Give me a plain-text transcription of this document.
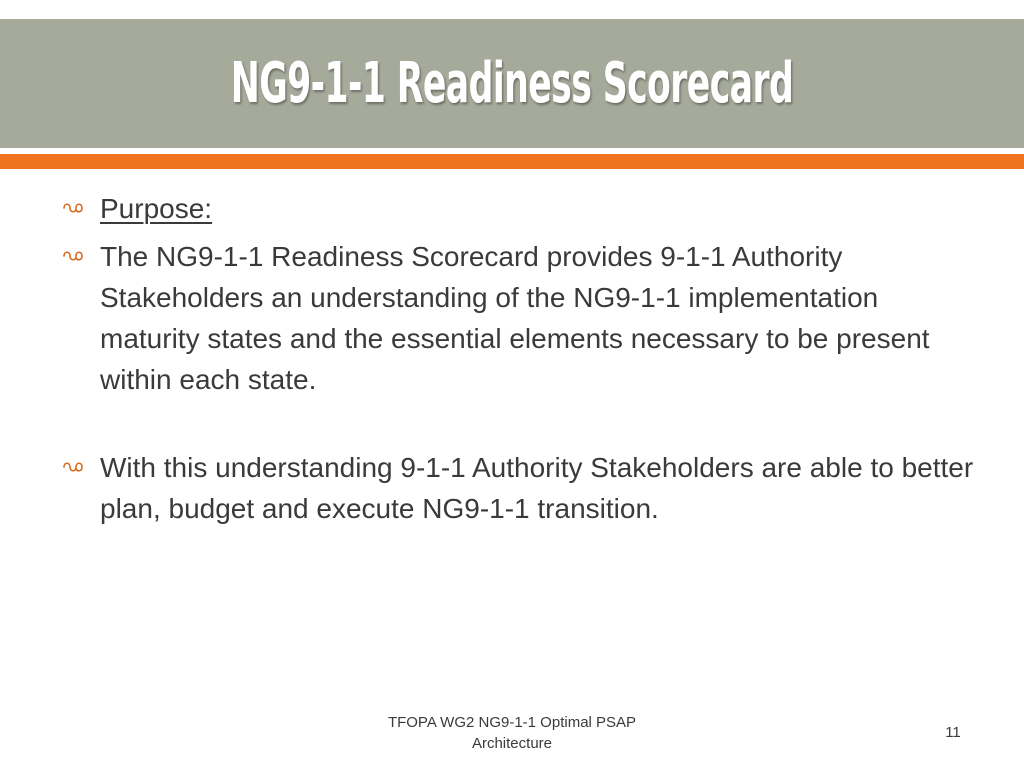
NG9-1-1 Readiness Scorecard
Purpose:
The NG9-1-1 Readiness Scorecard provides 9-1-1 Authority Stakeholders an understanding of the NG9-1-1 implementation maturity states and the essential elements necessary to be present within each state.
With this understanding 9-1-1 Authority Stakeholders are able to better plan, budget and execute NG9-1-1 transition.
TFOPA WG2 NG9-1-1 Optimal PSAP
Architecture
11
